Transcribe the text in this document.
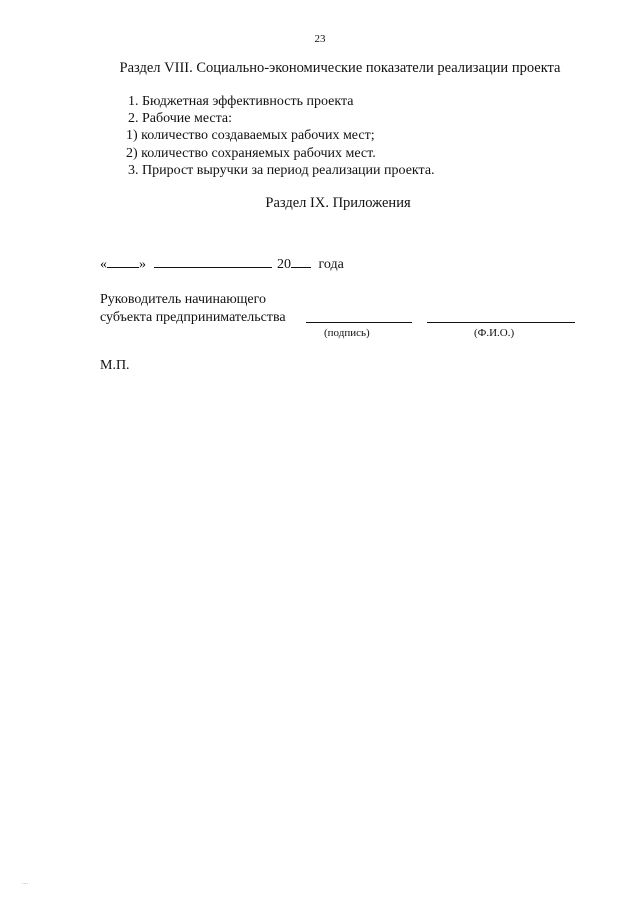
23
Раздел VIII. Социально-экономические показатели реализации проекта
1. Бюджетная эффективность проекта
2. Рабочие места:
1) количество создаваемых рабочих мест;
2) количество сохраняемых рабочих мест.
3. Прирост выручки за период реализации проекта.
Раздел IX. Приложения
« »	20 года
Руководитель начинающего
субъекта предпринимательства
(подпись)	(Ф.И.О.)
М.П.
....
